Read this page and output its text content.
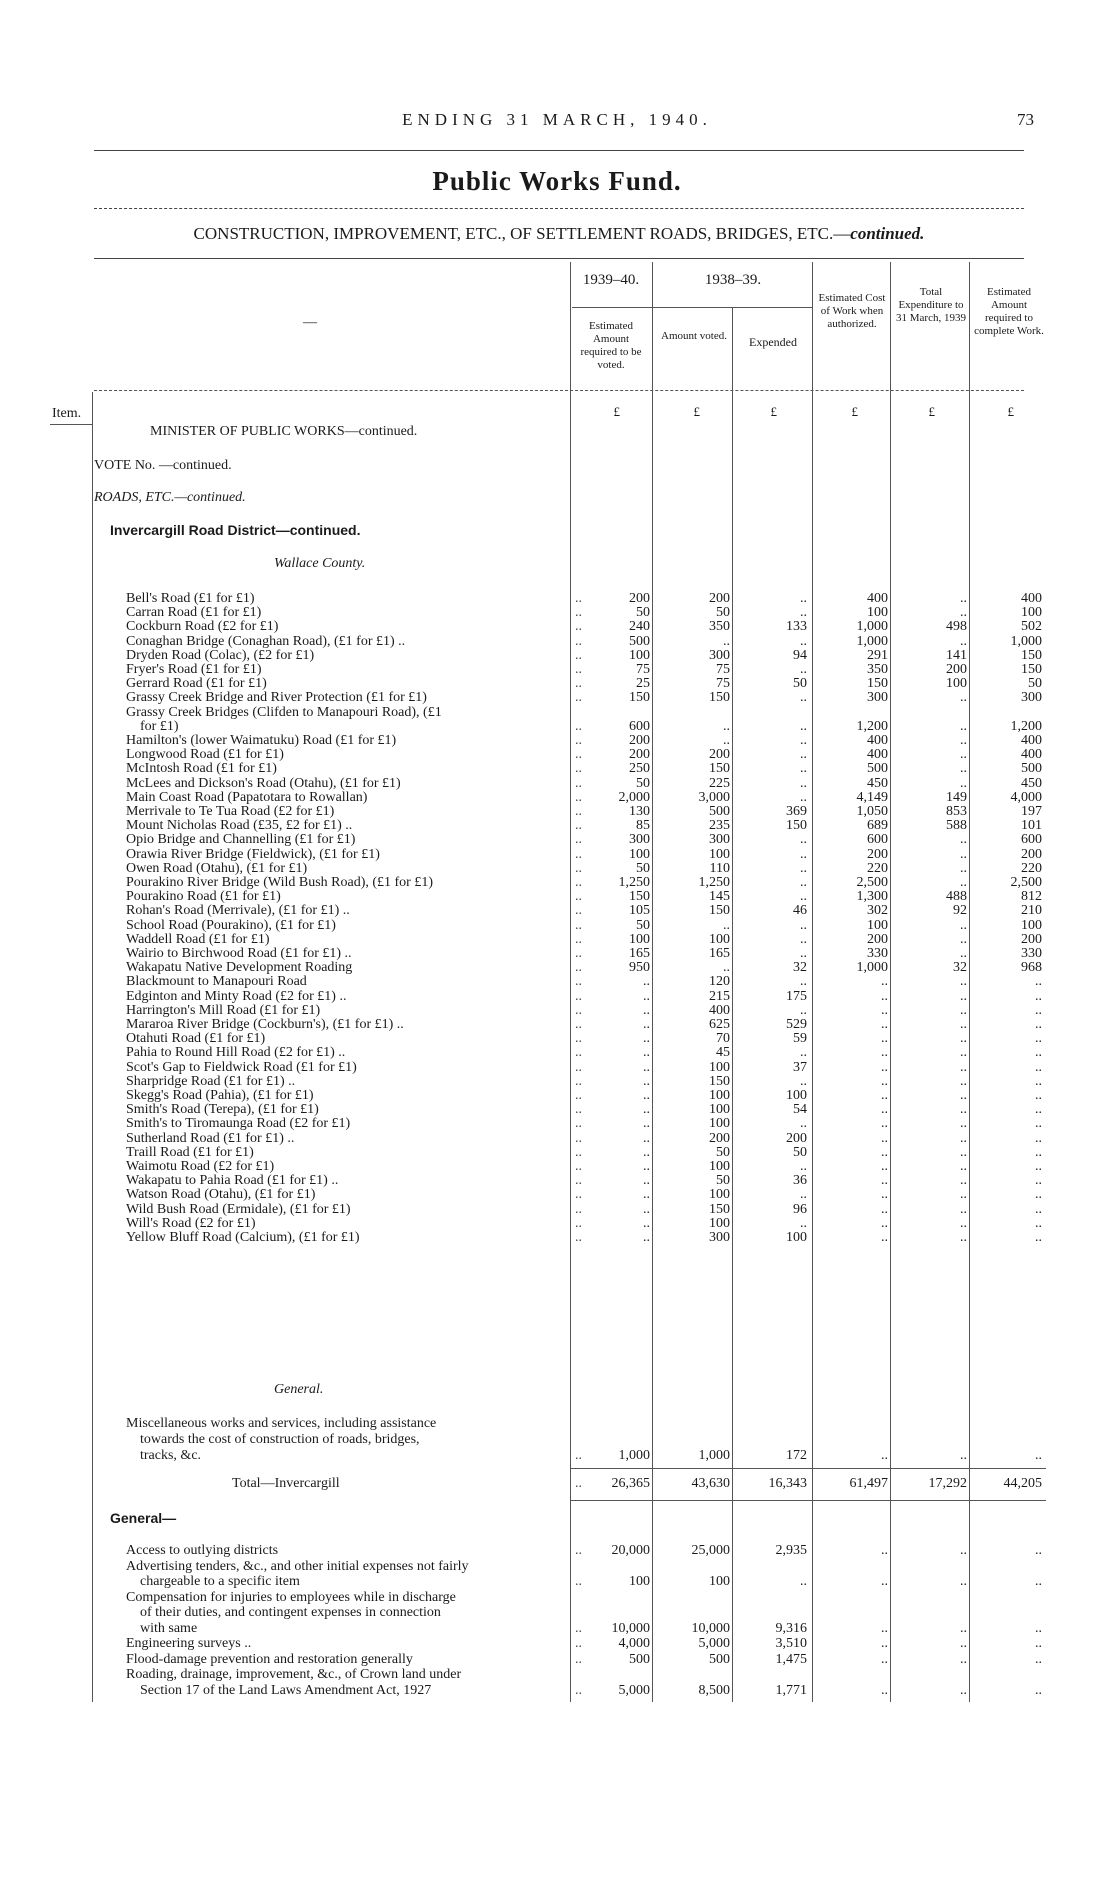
ENDING 31 MARCH, 1940.	73
Public Works Fund.
CONSTRUCTION, IMPROVEMENT, ETC., OF SETTLEMENT ROADS, BRIDGES, ETC.—continued.
—
1939–40.	1938–39.
Estimated Amount required to be voted.
Amount voted.	Expended
Estimated Cost of Work when authorized.
Total Expenditure to 31 March, 1939
Estimated Amount required to complete Work.
Item.	£	£	£	£	£	£
MINISTER OF PUBLIC WORKS—continued.
VOTE No. —continued.
ROADS, ETC.—continued.
Invercargill Road District—continued.
Wallace County.
Bell's Road (£1 for £1)	..	200	200	..	400	..	400
Carran Road (£1 for £1)	..	50	50	..	100	..	100
Cockburn Road (£2 for £1)	..	240	350	133	1,000	498	502
Conaghan Bridge (Conaghan Road), (£1 for £1) ..	..	500	..	..	1,000	..	1,000
Dryden Road (Colac), (£2 for £1)	..	100	300	94	291	141	150
Fryer's Road (£1 for £1)	..	75	75	..	350	200	150
Gerrard Road (£1 for £1)	..	25	75	50	150	100	50
Grassy Creek Bridge and River Protection (£1 for £1)	..	150	150	..	300	..	300
Grassy Creek Bridges (Clifden to Manapouri Road), (£1
for £1)	..	600	..	..	1,200	..	1,200
Hamilton's (lower Waimatuku) Road (£1 for £1)	..	200	..	..	400	..	400
Longwood Road (£1 for £1)	..	200	200	..	400	..	400
McIntosh Road (£1 for £1)	..	250	150	..	500	..	500
McLees and Dickson's Road (Otahu), (£1 for £1)	..	50	225	..	450	..	450
Main Coast Road (Papatotara to Rowallan)	..	2,000	3,000	..	4,149	149	4,000
Merrivale to Te Tua Road (£2 for £1)	..	130	500	369	1,050	853	197
Mount Nicholas Road (£35, £2 for £1) ..	..	85	235	150	689	588	101
Opio Bridge and Channelling (£1 for £1)	..	300	300	..	600	..	600
Orawia River Bridge (Fieldwick), (£1 for £1)	..	100	100	..	200	..	200
Owen Road (Otahu), (£1 for £1)	..	50	110	..	220	..	220
Pourakino River Bridge (Wild Bush Road), (£1 for £1)	..	1,250	1,250	..	2,500	..	2,500
Pourakino Road (£1 for £1)	..	150	145	..	1,300	488	812
Rohan's Road (Merrivale), (£1 for £1) ..	..	105	150	46	302	92	210
School Road (Pourakino), (£1 for £1)	..	50	..	..	100	..	100
Waddell Road (£1 for £1)	..	100	100	..	200	..	200
Wairio to Birchwood Road (£1 for £1) ..	..	165	165	..	330	..	330
Wakapatu Native Development Roading	..	950	..	32	1,000	32	968
Blackmount to Manapouri Road	..	..	120	..	..	..	..
Edginton and Minty Road (£2 for £1) ..	..	..	215	175	..	..	..
Harrington's Mill Road (£1 for £1)	..	..	400	..	..	..	..
Mararoa River Bridge (Cockburn's), (£1 for £1) ..	..	..	625	529	..	..	..
Otahuti Road (£1 for £1)	..	..	70	59	..	..	..
Pahia to Round Hill Road (£2 for £1) ..	..	..	45	..	..	..	..
Scot's Gap to Fieldwick Road (£1 for £1)	..	..	100	37	..	..	..
Sharpridge Road (£1 for £1) ..	..	..	150	..	..	..	..
Skegg's Road (Pahia), (£1 for £1)	..	..	100	100	..	..	..
Smith's Road (Terepa), (£1 for £1)	..	..	100	54	..	..	..
Smith's to Tiromaunga Road (£2 for £1)	..	..	100	..	..	..	..
Sutherland Road (£1 for £1) ..	..	..	200	200	..	..	..
Traill Road (£1 for £1)	..	..	50	50	..	..	..
Waimotu Road (£2 for £1)	..	..	100	..	..	..	..
Wakapatu to Pahia Road (£1 for £1) ..	..	..	50	36	..	..	..
Watson Road (Otahu), (£1 for £1)	..	..	100	..	..	..	..
Wild Bush Road (Ermidale), (£1 for £1)	..	..	150	96	..	..	..
Will's Road (£2 for £1)	..	..	100	..	..	..	..
Yellow Bluff Road (Calcium), (£1 for £1)	..	..	300	100	..	..	..
General.
Miscellaneous works and services, including assistance
towards the cost of construction of roads, bridges,
tracks, &c.	..	1,000	1,000	172	..	..	..
Total—Invercargill	..	26,365	43,630	16,343	61,497	17,292	44,205
General—
Access to outlying districts	..	20,000	25,000	2,935	..	..	..
Advertising tenders, &c., and other initial expenses not fairly
chargeable to a specific item	..	100	100	..	..	..	..
Compensation for injuries to employees while in discharge
of their duties, and contingent expenses in connection
with same	..	10,000	10,000	9,316	..	..	..
Engineering surveys ..	..	4,000	5,000	3,510	..	..	..
Flood-damage prevention and restoration generally	..	500	500	1,475	..	..	..
Roading, drainage, improvement, &c., of Crown land under
Section 17 of the Land Laws Amendment Act, 1927	..	5,000	8,500	1,771	..	..	..
